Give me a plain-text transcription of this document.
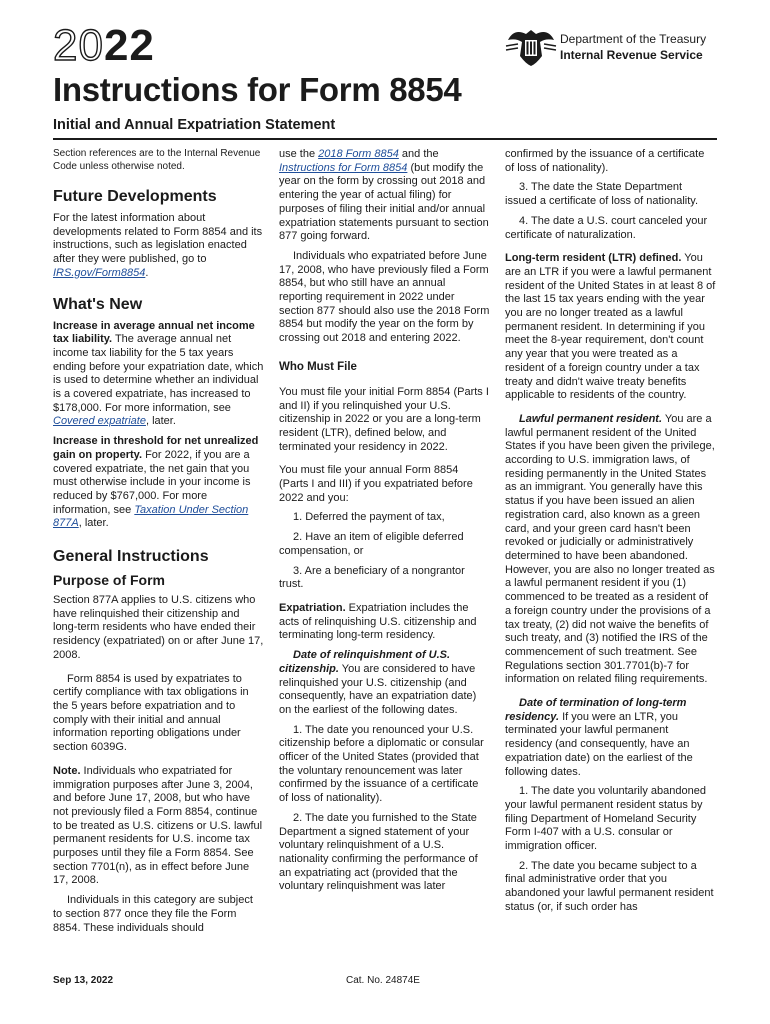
2022	Department of the Treasury
Internal Revenue Service
Instructions for Form 8854
Initial and Annual Expatriation Statement

Section references are to the Internal Revenue Code unless otherwise noted.

Future Developments

For the latest information about developments related to Form 8854 and its instructions, such as legislation enacted after they were published, go to IRS.gov/Form8854.

What's New

Increase in average annual net income tax liability. The average annual net income tax liability for the 5 tax years ending before your expatriation date, which is used to determine whether an individual is a covered expatriate, has increased to $178,000. For more information, see Covered expatriate, later.

Increase in threshold for net unrealized gain on property. For 2022, if you are a covered expatriate, the net gain that you must otherwise include in your income is reduced by $767,000. For more information, see Taxation Under Section 877A, later.

General Instructions
Purpose of Form

Section 877A applies to U.S. citizens who have relinquished their citizenship and long-term residents who have ended their residency (expatriated) on or after June 17, 2008.

Form 8854 is used by expatriates to certify compliance with tax obligations in the 5 years before expatriation and to comply with their initial and annual information reporting obligations under section 6039G.

Note. Individuals who expatriated for immigration purposes after June 3, 2004, and before June 17, 2008, but who have not previously filed a Form 8854, continue to be treated as U.S. citizens or U.S. lawful permanent residents for U.S. income tax purposes until they file a Form 8854. See section 7701(n), as in effect before June 17, 2008.

Individuals in this category are subject to section 877 once they file the Form 8854. These individuals should

use the 2018 Form 8854 and the Instructions for Form 8854 (but modify the year on the form by crossing out 2018 and entering the year of actual filing) for purposes of filing their initial and/or annual expatriation statements pursuant to section 877 going forward.

Individuals who expatriated before June 17, 2008, who have previously filed a Form 8854, but who still have an annual reporting requirement in 2022 under section 877 should also use the 2018 Form 8854 but modify the year on the form by crossing out 2018 and entering 2022.

Who Must File

You must file your initial Form 8854 (Parts I and II) if you relinquished your U.S. citizenship in 2022 or you are a long-term resident (LTR), defined below, and terminated your residency in 2022.

You must file your annual Form 8854 (Parts I and III) if you expatriated before 2022 and you:

1. Deferred the payment of tax,

2. Have an item of eligible deferred compensation, or

3. Are a beneficiary of a nongrantor trust.

Expatriation. Expatriation includes the acts of relinquishing U.S. citizenship and terminating long-term residency.

Date of relinquishment of U.S. citizenship. You are considered to have relinquished your U.S. citizenship (and consequently, have an expatriation date) on the earliest of the following dates.

1. The date you renounced your U.S. citizenship before a diplomatic or consular officer of the United States (provided that the voluntary renouncement was later confirmed by the issuance of a certificate of loss of nationality).

2. The date you furnished to the State Department a signed statement of your voluntary relinquishment of a U.S. nationality confirming the performance of an expatriating act (provided that the voluntary relinquishment was later

confirmed by the issuance of a certificate of loss of nationality).

3. The date the State Department issued a certificate of loss of nationality.

4. The date a U.S. court canceled your certificate of naturalization.

Long-term resident (LTR) defined. You are an LTR if you were a lawful permanent resident of the United States in at least 8 of the last 15 tax years ending with the year you are no longer treated as a lawful permanent resident. In determining if you meet the 8-year requirement, don't count any year that you were treated as a resident of a foreign country under a tax treaty and didn't waive treaty benefits applicable to residents of the country.

Lawful permanent resident. You are a lawful permanent resident of the United States if you have been given the privilege, according to U.S. immigration laws, of residing permanently in the United States as an immigrant. You generally have this status if you have been issued an alien registration card, also known as a green card, and your green card hasn't been revoked or judicially or administratively determined to have been abandoned. However, you are also no longer treated as a lawful permanent resident if you (1) commenced to be treated as a resident of a foreign country under the provisions of a tax treaty, (2) did not waive the benefits of such treaty, and (3) notified the IRS of the commencement of such treatment. See Regulations section 301.7701(b)-7 for information on related filing requirements.

Date of termination of long-term residency. If you were an LTR, you terminated your lawful permanent residency (and consequently, have an expatriation date) on the earliest of the following dates.

1. The date you voluntarily abandoned your lawful permanent resident status by filing Department of Homeland Security Form I-407 with a U.S. consular or immigration officer.

2. The date you became subject to a final administrative order that you abandoned your lawful permanent resident status (or, if such order has

Sep 13, 2022	Cat. No. 24874E
